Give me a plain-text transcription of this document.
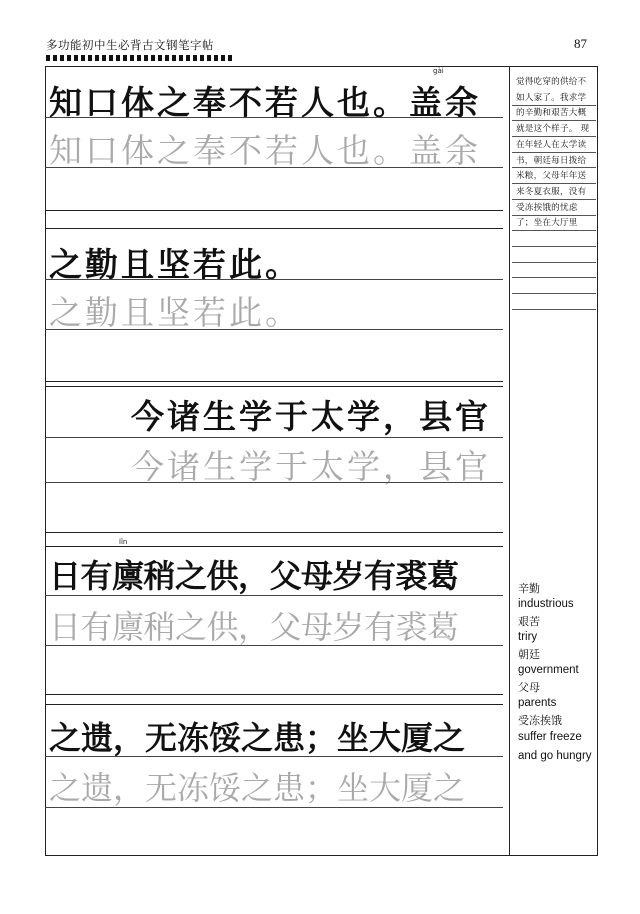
多功能初中生必背古文钢笔字帖	87
gài
知口体之奉不若人也。盖余
知口体之奉不若人也。盖余
之勤且坚若此。
之勤且坚若此。
今诸生学于太学，县官
今诸生学于太学，县官
lǐn
日有廪稍之供，父母岁有裘葛
日有廪稍之供，父母岁有裘葛
之遗，无冻馁之患；坐大厦之
之遗，无冻馁之患；坐大厦之
觉得吃穿的供给不如人家了。我求学的辛勤和艰苦大概就是这个样子。 现在年轻人在太学读书，朝廷每日拨给米粮，父母年年送来冬夏衣服，没有受冻挨饿的忧虑了；坐在大厅里
辛勤
industrious
艰苦
triry
朝廷
government
父母
parents
受冻挨饿
suffer freeze and go hungry
